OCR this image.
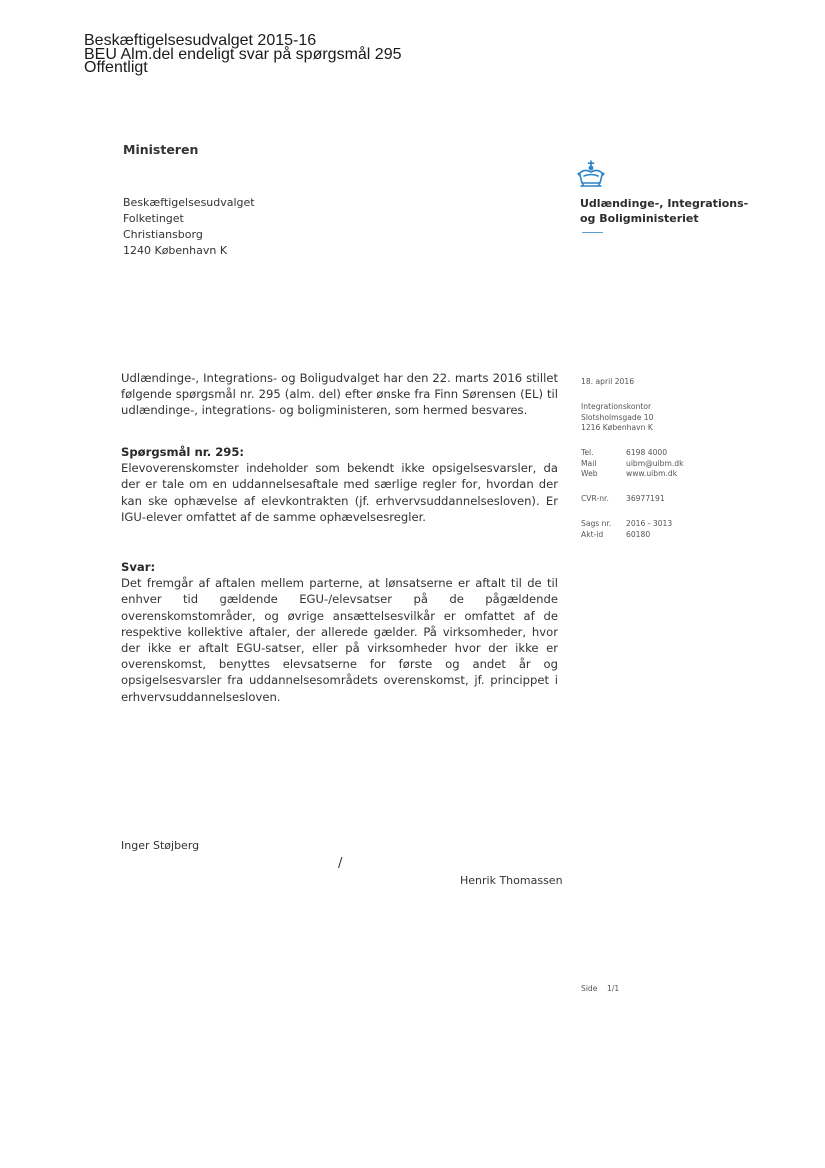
Beskæftigelsesudvalget 2015-16
BEU Alm.del endeligt svar på spørgsmål 295
Offentligt
Ministeren
Beskæftigelsesudvalget
Folketinget
Christiansborg
1240 København K
Udlændinge-, Integrations-
og Boligministeriet

Udlændinge-, Integrations- og Boligudvalget har den 22. marts 2016 stillet følgende spørgsmål nr. 295 (alm. del) efter ønske fra Finn Sørensen (EL) til udlændinge-, integrations- og boligministeren, som hermed besvares.

Spørgsmål nr. 295:

Elevoverenskomster indeholder som bekendt ikke opsigelsesvarsler, da der er tale om en uddannelsesaftale med særlige regler for, hvordan der kan ske ophævelse af elevkontrakten (jf. erhvervsuddannelsesloven). Er IGU-elever omfattet af de samme ophævelsesregler.

Svar:

Det fremgår af aftalen mellem parterne, at lønsatserne er aftalt til de til enhver tid gældende EGU-/elevsatser på de pågældende overenskomstområder, og øvrige ansættelsesvilkår er omfattet af de respektive kollektive aftaler, der allerede gælder. På virksomheder, hvor der ikke er aftalt EGU-satser, eller på virksomheder hvor der ikke er overenskomst, benyttes elevsatserne for første og andet år og opsigelsesvarsler fra uddannelsesområdets overenskomst, jf. princippet i erhvervsuddannelsesloven.

18. april 2016
Integrationskontor
Slotsholmsgade 10
1216 København K
Tel.	6198 4000
Mail	uibm@uibm.dk
Web	www.uibm.dk
CVR-nr.	36977191
Sags nr.	2016 - 3013
Akt-id	60180
Inger Støjberg
/
Henrik Thomassen
Side	1/1
